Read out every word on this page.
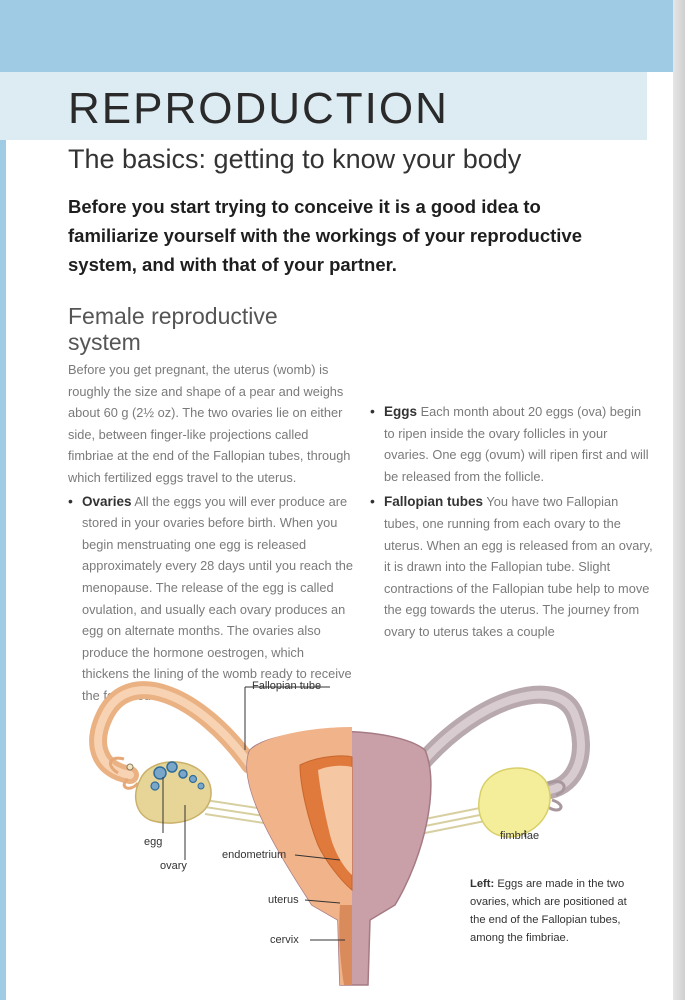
REPRODUCTION
The basics: getting to know your body

Before you start trying to conceive it is a good idea to familiarize yourself with the workings of your reproductive system, and with that of your partner.

Female reproductive system

Before you get pregnant, the uterus (womb) is roughly the size and shape of a pear and weighs about 60 g (2½ oz). The two ovaries lie on either side, between finger-like projections called fimbriae at the end of the Fallopian tubes, through which fertilized eggs travel to the uterus.

• Ovaries All the eggs you will ever produce are stored in your ovaries before birth. When you begin menstruating one egg is released approximately every 28 days until you reach the menopause. The release of the egg is called ovulation, and usually each ovary produces an egg on alternate months. The ovaries also produce the hormone oestrogen, which thickens the lining of the womb ready to receive the fertilized egg.

• Eggs Each month about 20 eggs (ova) begin to ripen inside the ovary follicles in your ovaries. One egg (ovum) will ripen first and will be released from the follicle.

• Fallopian tubes You have two Fallopian tubes, one running from each ovary to the uterus. When an egg is released from an ovary, it is drawn into the Fallopian tube. Slight contractions of the Fallopian tube help to move the egg towards the uterus. The journey from ovary to uterus takes a couple

Fallopian tube
egg
ovary
endometrium
uterus
cervix
fimbriae

Left: Eggs are made in the two ovaries, which are positioned at the end of the Fallopian tubes, among the fimbriae.
